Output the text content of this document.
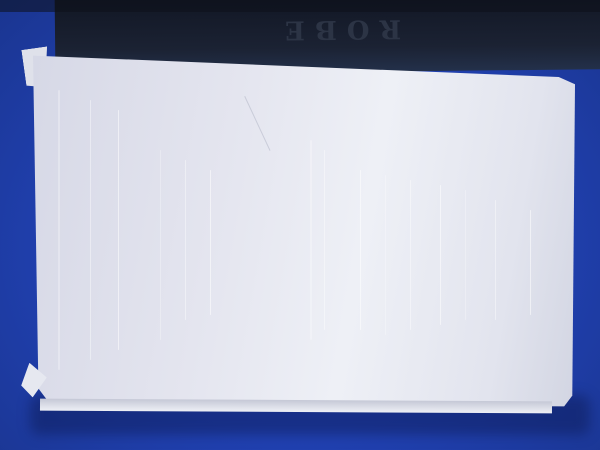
ROBE
